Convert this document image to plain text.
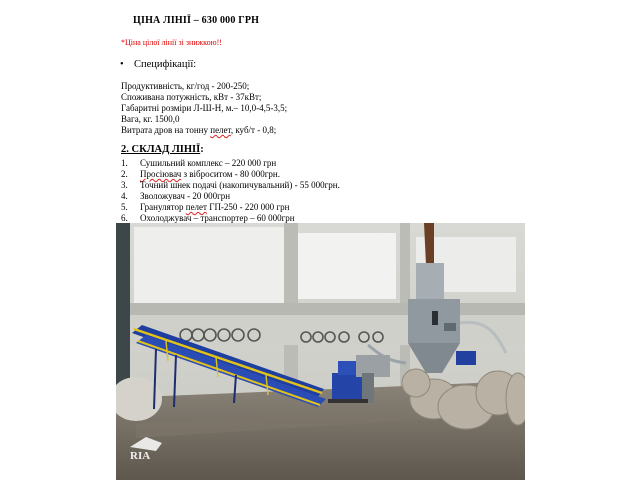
ЦІНА ЛІНІЇ – 630 000 ГРН
*Ціна цілої лінії зі знижкою!!
• Специфікації:
Продуктивність, кг/год - 200-250;
Споживана потужність, кВт - 37кВт;
Габаритні розміри Л-Ш-Н, м.– 10,0-4,5-3,5;
Вага, кг. 1500,0
Витрата дров на тонну пелет, куб/т - 0,8;
2. СКЛАД ЛІНІЇ:
1. Сушильний комплекс – 220 000 грн
2. Просіювач з віброситом - 80 000грн.
3. Точний шнек подачі (накопичувальний) - 55 000грн.
4. Зволожувач - 20 000грн
5. Гранулятор пелет ГП-250 - 220 000 грн
6. Охолоджувач – транспортер – 60 000грн
RIA
